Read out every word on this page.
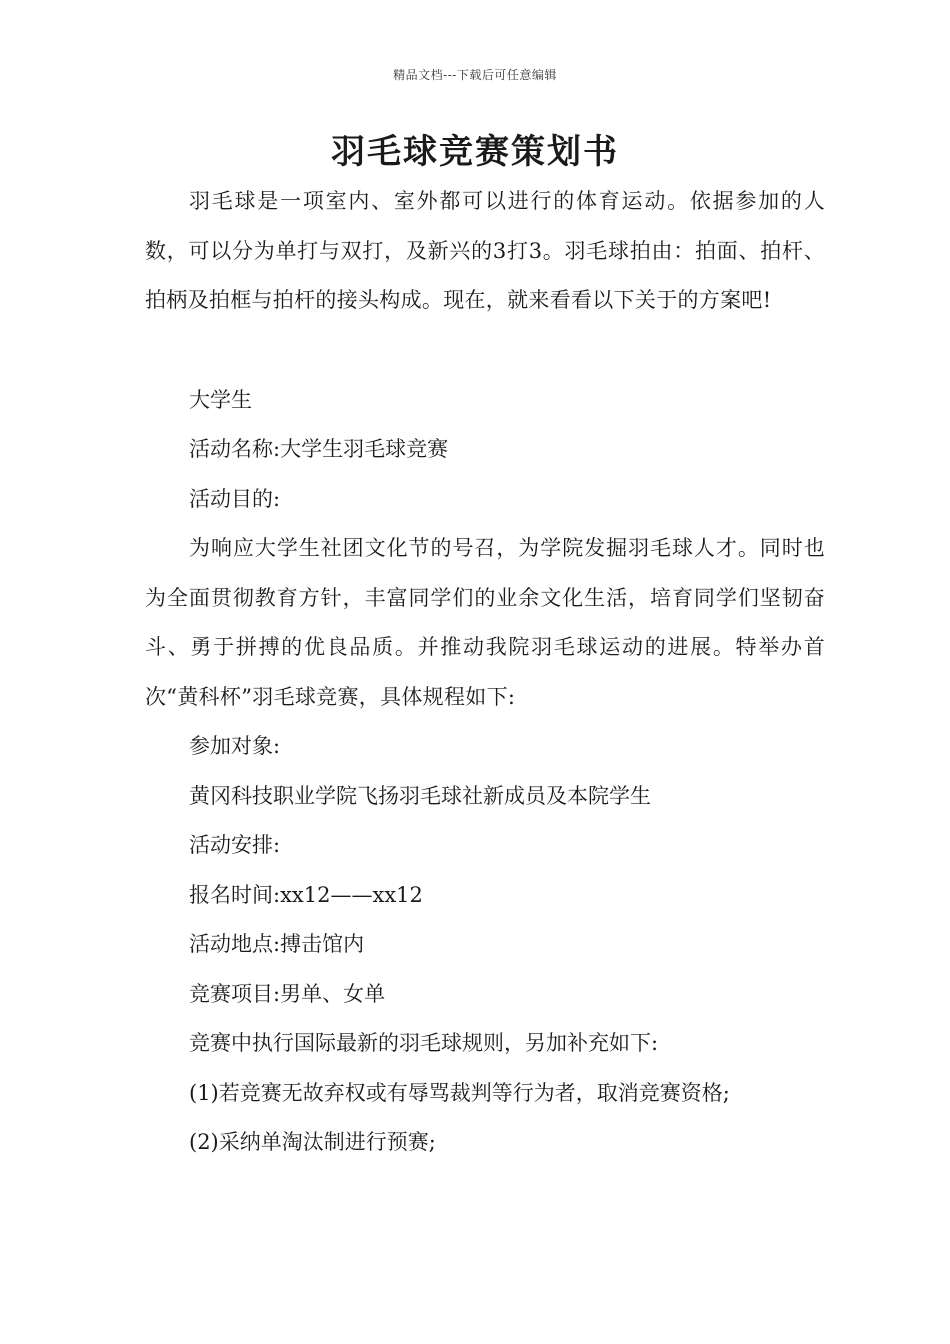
精品文档---下载后可任意编辑
羽毛球竞赛策划书

羽毛球是一项室内、室外都可以进行的体育运动。依据参加的人数，可以分为单打与双打，及新兴的3打3。羽毛球拍由：拍面、拍杆、拍柄及拍框与拍杆的接头构成。现在，就来看看以下关于的方案吧!

大学生

活动名称:大学生羽毛球竞赛

活动目的:

为响应大学生社团文化节的号召，为学院发掘羽毛球人才。同时也为全面贯彻教育方针，丰富同学们的业余文化生活，培育同学们坚韧奋斗、勇于拼搏的优良品质。并推动我院羽毛球运动的进展。特举办首次“黄科杯”羽毛球竞赛，具体规程如下:

参加对象:

黄冈科技职业学院飞扬羽毛球社新成员及本院学生

活动安排:

报名时间:xx12——xx12

活动地点:搏击馆内

竞赛项目:男单、女单

竞赛中执行国际最新的羽毛球规则，另加补充如下:

(1)若竞赛无故弃权或有辱骂裁判等行为者，取消竞赛资格;

(2)采纳单淘汰制进行预赛;
